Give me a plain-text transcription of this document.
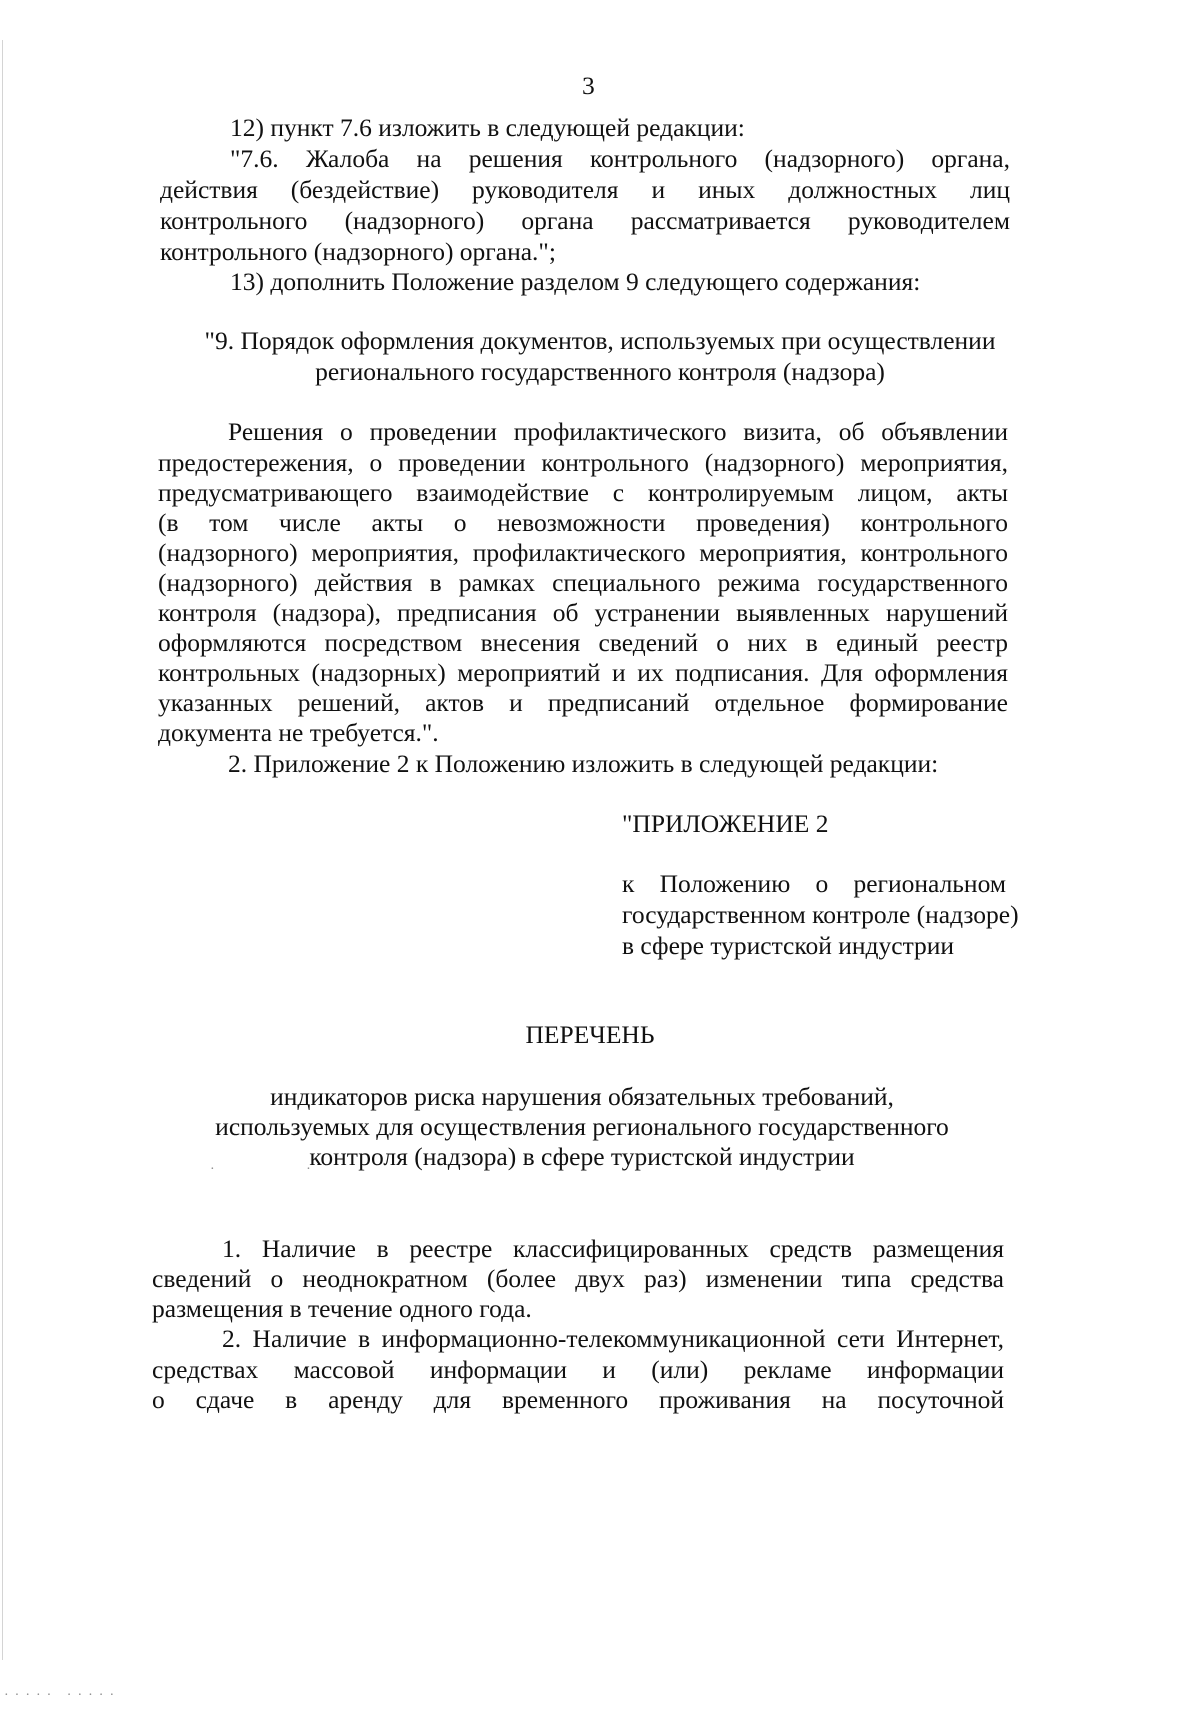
3

12) пункт 7.6 изложить в следующей редакции:

"7.6. Жалоба на решения контрольного (надзорного) органа,

действия (бездействие) руководителя и иных должностных лиц

контрольного (надзорного) органа рассматривается руководителем

контрольного (надзорного) органа.";

13) дополнить Положение разделом 9 следующего содержания:

"9. Порядок оформления документов, используемых при осуществлении

регионального государственного контроля (надзора)

Решения о проведении профилактического визита, об объявлении

предостережения, о проведении контрольного (надзорного) мероприятия,

предусматривающего взаимодействие с контролируемым лицом, акты

(в том числе акты о невозможности проведения) контрольного

(надзорного) мероприятия, профилактического мероприятия, контрольного

(надзорного) действия в рамках специального режима государственного

контроля (надзора), предписания об устранении выявленных нарушений

оформляются посредством внесения сведений о них в единый реестр

контрольных (надзорных) мероприятий и их подписания. Для оформления

указанных решений, актов и предписаний отдельное формирование

документа не требуется.".

2. Приложение 2 к Положению изложить в следующей редакции:

"ПРИЛОЖЕНИЕ 2

к Положению о региональном

государственном контроле (надзоре)

в сфере туристской индустрии

ПЕРЕЧЕНЬ

индикаторов риска нарушения обязательных требований,

используемых для осуществления регионального государственного

контроля (надзора) в сфере туристской индустрии

·         ·

1. Наличие в реестре классифицированных средств размещения

сведений о неоднократном (более двух раз) изменении типа средства

размещения в течение одного года.

2. Наличие в информационно-телекоммуникационной сети Интернет,

средствах массовой информации и (или) рекламе информации

о сдаче в аренду для временного проживания на посуточной

····· ·····
